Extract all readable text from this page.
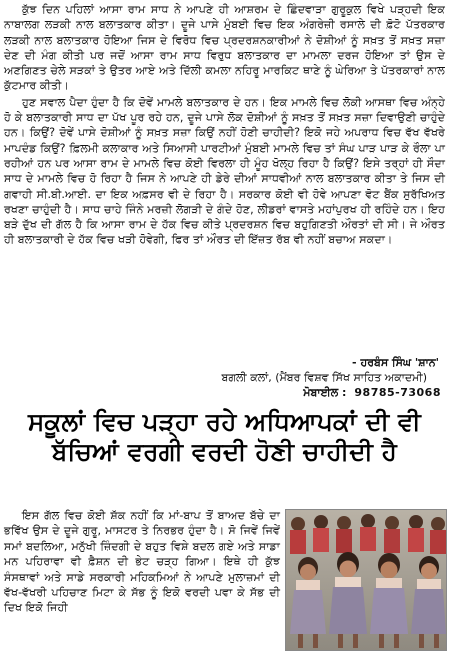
ਕੁੱਝ ਦਿਨ ਪਹਿਲਾਂ ਆਸਾ ਰਾਮ ਸਾਧ ਨੇ ਆਪਣੇ ਹੀ ਆਸ਼ਰਮ ਦੇ ਛਿੰਦਵਾੜਾ ਗੁਰੂਕੁਲ ਵਿਖੇ ਪੜ੍ਹਦੀ ਇਕ ਨਾਬਾਲਗ ਲੜਕੀ ਨਾਲ ਬਲਾਤਕਾਰ ਕੀਤਾ। ਦੂਜੇ ਪਾਸੇ ਮੁੰਬਈ ਵਿਚ ਇਕ ਅੰਗਰੇਜ਼ੀ ਰਸਾਲੇ ਦੀ ਫ਼ੋਟੋ ਪੱਤਰਕਾਰ ਲੜਕੀ ਨਾਲ ਬਲਾਤਕਾਰ ਹੋਇਆ ਜਿਸ ਦੇ ਵਿਰੋਧ ਵਿਚ ਪ੍ਰਦਰਸ਼ਨਕਾਰੀਆਂ ਨੇ ਦੋਸ਼ੀਆਂ ਨੂੰ ਸਖ਼ਤ ਤੋਂ ਸਖ਼ਤ ਸਜ਼ਾ ਦੇਣ ਦੀ ਮੰਗ ਕੀਤੀ ਪਰ ਜਦੋਂ ਆਸਾ ਰਾਮ ਸਾਧ ਵਿਰੁਧ ਬਲਾਤਕਾਰ ਦਾ ਮਾਮਲਾ ਦਰਜ ਹੋਇਆ ਤਾਂ ਉਸ ਦੇ ਅਣਗਿਣਤ ਚੇਲੇ ਸੜਕਾਂ ਤੇ ਉਤਰ ਆਏ ਅਤੇ ਦਿੱਲੀ ਕਮਲਾ ਨਹਿਰੂ ਮਾਰਕਿਟ ਥਾਣੇ ਨੂੰ ਘੇਰਿਆ ਤੇ ਪੱਤਰਕਾਰਾਂ ਨਾਲ ਕੁੱਟਮਾਰ ਕੀਤੀ।

ਹੁਣ ਸਵਾਲ ਪੈਦਾ ਹੁੰਦਾ ਹੈ ਕਿ ਦੋਵੇਂ ਮਾਮਲੇ ਬਲਾਤਕਾਰ ਦੇ ਹਨ। ਇਕ ਮਾਮਲੇ ਵਿਚ ਲੋਕੀ ਆਸਥਾ ਵਿਚ ਅੰਨ੍ਹੇ ਹੋ ਕੇ ਬਲਾਤਕਾਰੀ ਸਾਧ ਦਾ ਪੱਖ ਪੂਰ ਰਹੇ ਹਨ, ਦੂਜੇ ਪਾਸੇ ਲੋਕ ਦੋਸ਼ੀਆਂ ਨੂੰ ਸਖ਼ਤ ਤੋਂ ਸਖ਼ਤ ਸਜ਼ਾ ਦਿਵਾਉਣੀ ਚਾਹੁੰਦੇ ਹਨ। ਕਿਉਂ? ਦੋਵੇਂ ਪਾਸੇ ਦੋਸ਼ੀਆਂ ਨੂੰ ਸਖ਼ਤ ਸਜ਼ਾ ਕਿਉਂ ਨਹੀਂ ਹੋਣੀ ਚਾਹੀਦੀ? ਇਕੋ ਜਹੇ ਅਪਰਾਧ ਵਿਚ ਵੱਖ ਵੱਖਰੇ ਮਾਪਦੰਡ ਕਿਉਂ? ਫ਼ਿਲਮੀ ਕਲਾਕਾਰ ਅਤੇ ਸਿਆਸੀ ਪਾਰਟੀਆਂ ਮੁੰਬਈ ਮਾਮਲੇ ਵਿਚ ਤਾਂ ਸੰਘ ਪਾੜ ਪਾੜ ਕੇ ਰੌਲਾ ਪਾ ਰਹੀਆਂ ਹਨ ਪਰ ਆਸਾ ਰਾਮ ਦੇ ਮਾਮਲੇ ਵਿਚ ਕੋਈ ਵਿਰਲਾ ਹੀ ਮੂੰਹ ਖੋਲ੍ਹ ਰਿਹਾ ਹੈ ਕਿਉਂ? ਇਸੇ ਤਰ੍ਹਾਂ ਹੀ ਸੌਦਾ ਸਾਧ ਦੇ ਮਾਮਲੇ ਵਿਚ ਹੋ ਰਿਹਾ ਹੈ ਜਿਸ ਨੇ ਆਪਣੇ ਹੀ ਡੇਰੇ ਦੀਆਂ ਸਾਧਵੀਆਂ ਨਾਲ ਬਲਾਤਕਾਰ ਕੀਤਾ ਤੇ ਜਿਸ ਦੀ ਗਵਾਹੀ ਸੀ.ਬੀ.ਆਈ. ਦਾ ਇਕ ਅਫ਼ਸਰ ਵੀ ਦੇ ਰਿਹਾ ਹੈ। ਸਰਕਾਰ ਕੋਈ ਵੀ ਹੋਵੇ ਆਪਣਾ ਵੋਟ ਬੈਂਕ ਸੁਰੱਖਿਅਤ ਰਖਣਾ ਚਾਹੁੰਦੀ ਹੈ। ਸਾਧ ਚਾਹੇ ਜਿੰਨੇ ਮਰਜ਼ੀ ਲੋਗੜੀ ਦੇ ਗੰਦੇ ਹੋਣ, ਲੀਡਰਾਂ ਵਾਸਤੇ ਮਹਾਂਪੁਰਖ ਹੀ ਰਹਿੰਦੇ ਹਨ। ਇਹ ਬੜੇ ਦੁੱਖ ਦੀ ਗੱਲ ਹੈ ਕਿ ਆਸਾ ਰਾਮ ਦੇ ਹੱਕ ਵਿਚ ਕੀਤੇ ਪ੍ਰਦਰਸ਼ਨ ਵਿਚ ਬਹੁਗਿਣਤੀ ਔਰਤਾਂ ਦੀ ਸੀ। ਜੇ ਔਰਤ ਹੀ ਬਲਾਤਕਾਰੀ ਦੇ ਹੱਕ ਵਿਚ ਖੜੀ ਹੋਵੇਗੀ, ਫਿਰ ਤਾਂ ਔਰਤ ਦੀ ਇੱਜ਼ਤ ਰੱਬ ਵੀ ਨਹੀਂ ਬਚਾਅ ਸਕਦਾ।

- ਹਰਬੰਸ ਸਿੰਘ 'ਸ਼ਾਨ'
ਬਗਲੀ ਕਲਾਂ, (ਮੈਂਬਰ ਵਿਸ਼ਵ ਸਿੱਖ ਸਾਹਿਤ ਅਕਾਦਮੀ)
ਮੋਬਾਈਲ : 98785-73068
ਸਕੂਲਾਂ ਵਿਚ ਪੜ੍ਹਾ ਰਹੇ ਅਧਿਆਪਕਾਂ ਦੀ ਵੀ
ਬੱਚਿਆਂ ਵਰਗੀ ਵਰਦੀ ਹੋਣੀ ਚਾਹੀਦੀ ਹੈ

ਇਸ ਗੱਲ ਵਿਚ ਕੋਈ ਸ਼ੱਕ ਨਹੀਂ ਕਿ ਮਾਂ-ਬਾਪ ਤੋਂ ਬਾਅਦ ਬੱਚੇ ਦਾ ਭਵਿੱਖ ਉਸ ਦੇ ਦੂਜੇ ਗੁਰੂ, ਮਾਸਟਰ ਤੇ ਨਿਰਭਰ ਹੁੰਦਾ ਹੈ। ਸੋ ਜਿਵੇਂ ਜਿਵੇਂ ਸਮਾਂ ਬਦਲਿਆ, ਮਨੁੱਖੀ ਜ਼ਿੰਦਗੀ ਦੇ ਬਹੁਤ ਵਿਸ਼ੇ ਬਦਲ ਗਏ ਅਤੇ ਸਾਡਾ ਮਨ ਪਹਿਰਾਵਾ ਵੀ ਫ਼ੈਸ਼ਨ ਦੀ ਭੇਟ ਚੜ੍ਹ ਗਿਆ। ਇਥੇ ਹੀ ਕੁੱਝ ਸੰਸਥਾਵਾਂ ਅਤੇ ਸਾਡੇ ਸਰਕਾਰੀ ਮਹਿਕਮਿਆਂ ਨੇ ਆਪਣੇ ਮੁਲਾਜ਼ਮਾਂ ਦੀ ਵੱਖ-ਵੱਖਰੀ ਪਹਿਚਾਣ ਮਿਟਾ ਕੇ ਸੱਭ ਨੂੰ ਇਕੋ ਵਰਦੀ ਪਵਾ ਕੇ ਸੱਭ ਦੀ ਦਿਖ ਇਕੋ ਜਿਹੀ
